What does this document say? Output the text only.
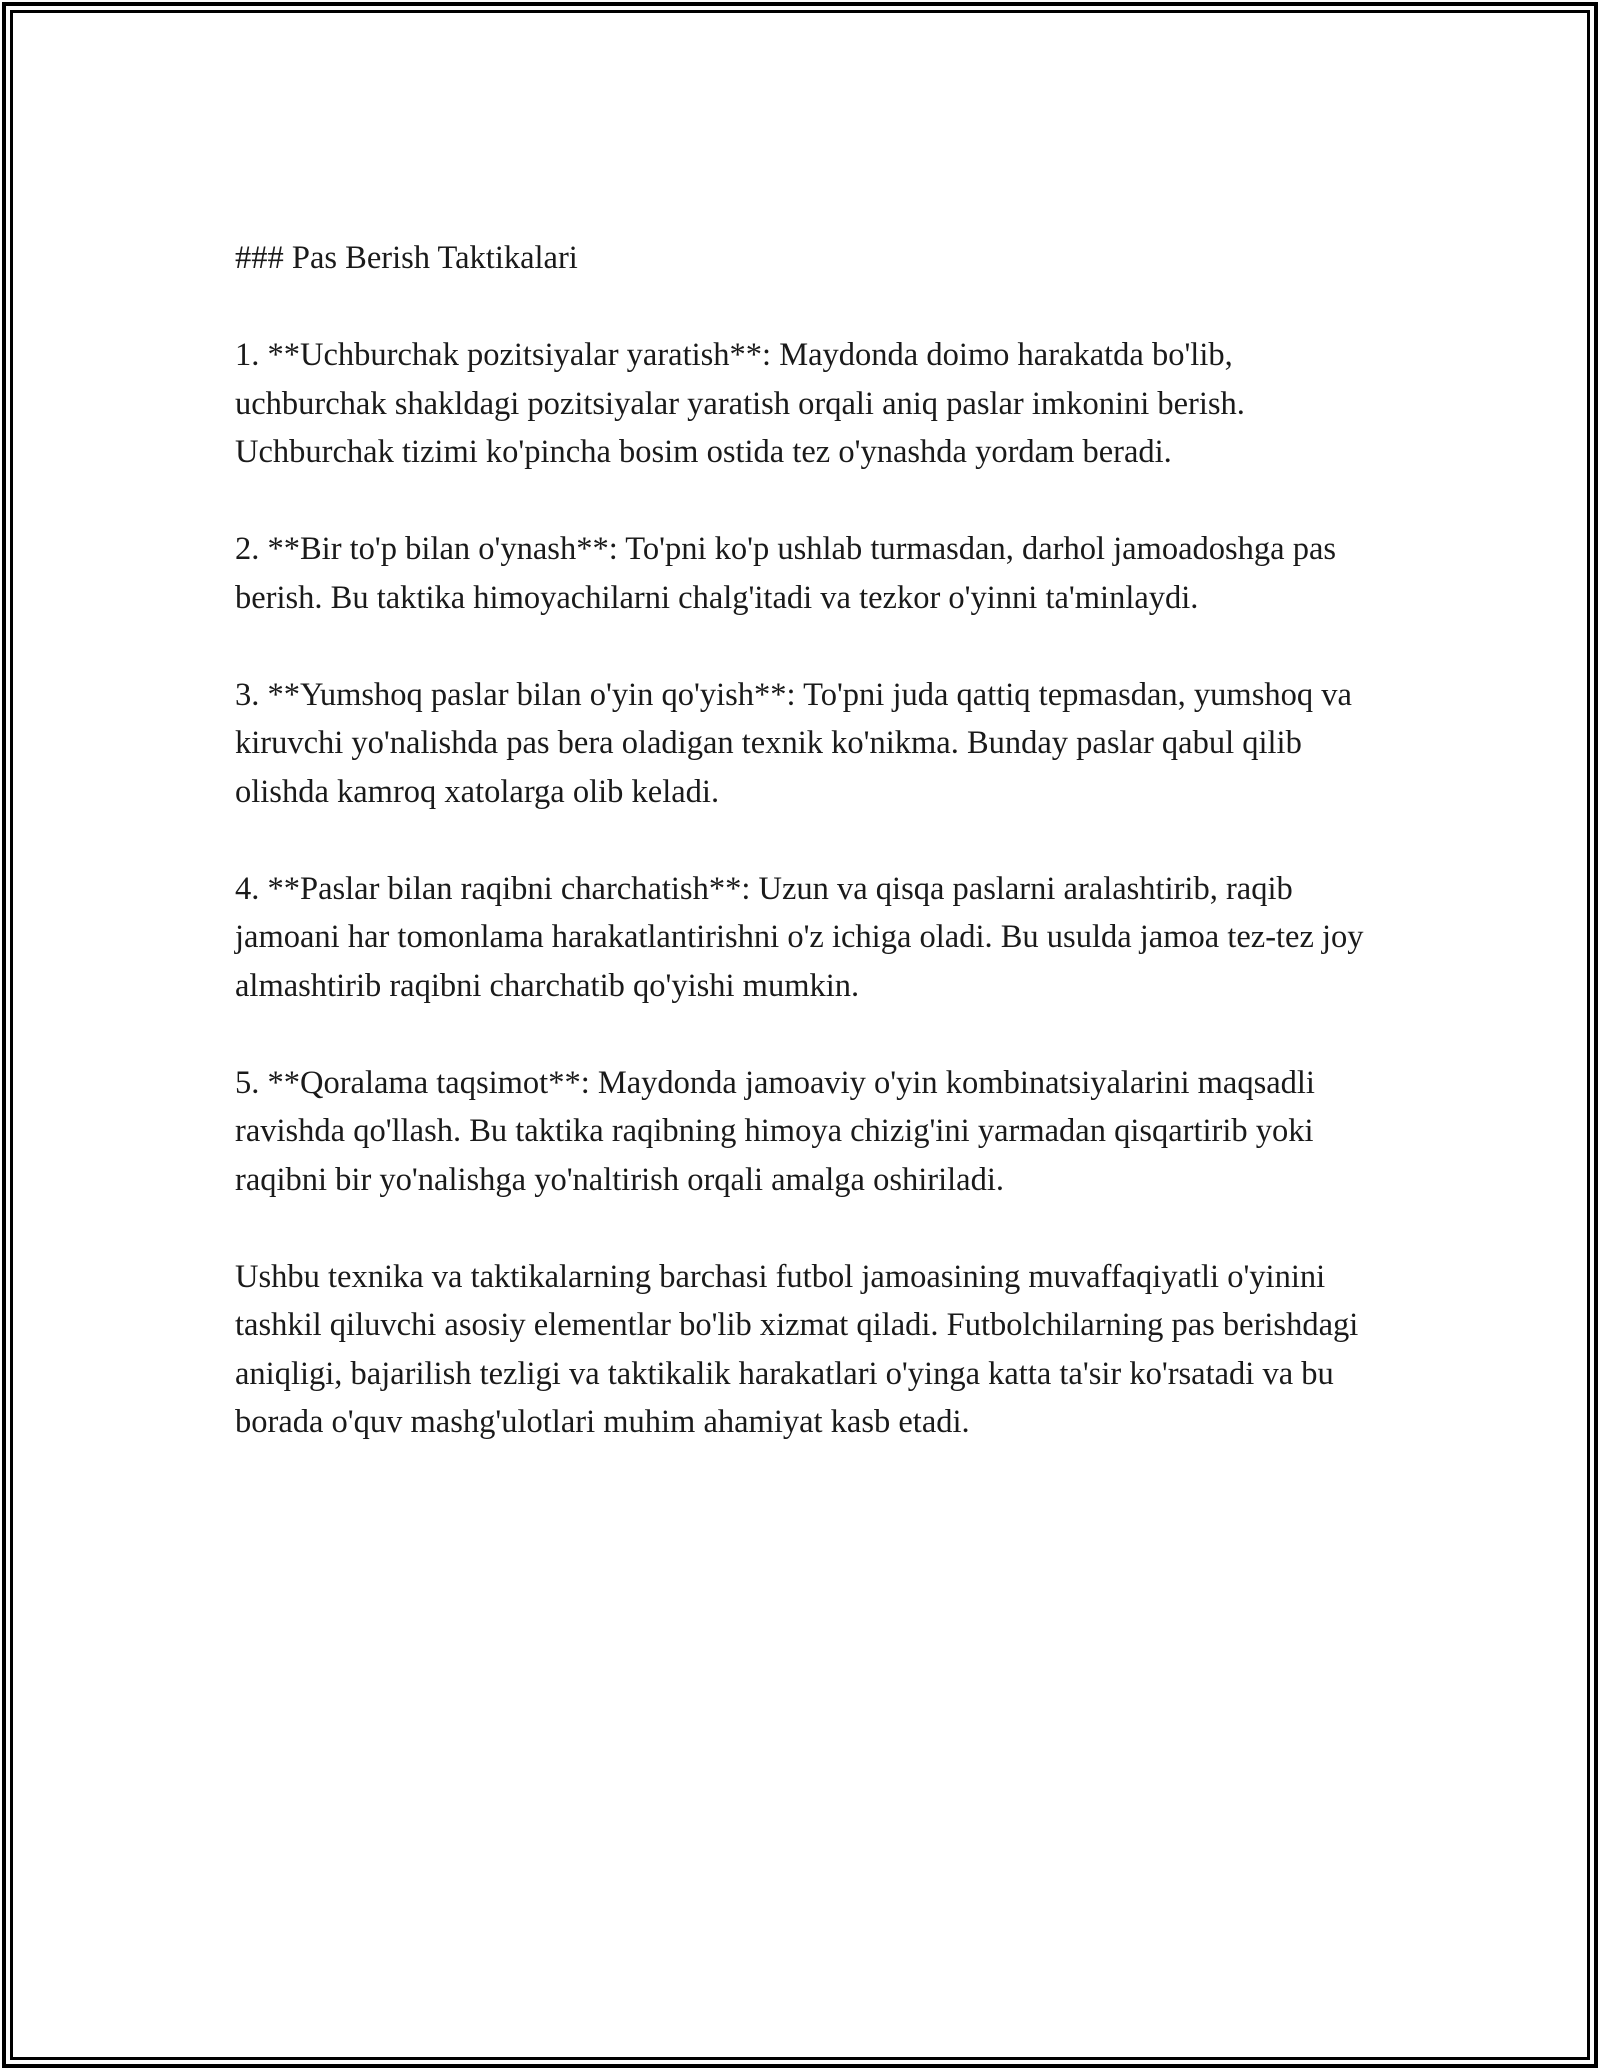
### Pas Berish Taktikalari

1. **Uchburchak pozitsiyalar yaratish**: Maydonda doimo harakatda bo'lib, uchburchak shakldagi pozitsiyalar yaratish orqali aniq paslar imkonini berish. Uchburchak tizimi ko'pincha bosim ostida tez o'ynashda yordam beradi.

2. **Bir to'p bilan o'ynash**: To'pni ko'p ushlab turmasdan, darhol jamoadoshga pas berish. Bu taktika himoyachilarni chalg'itadi va tezkor o'yinni ta'minlaydi.

3. **Yumshoq paslar bilan o'yin qo'yish**: To'pni juda qattiq tepmasdan, yumshoq va kiruvchi yo'nalishda pas bera oladigan texnik ko'nikma. Bunday paslar qabul qilib olishda kamroq xatolarga olib keladi.

4. **Paslar bilan raqibni charchatish**: Uzun va qisqa paslarni aralashtirib, raqib jamoani har tomonlama harakatlantirishni o'z ichiga oladi. Bu usulda jamoa tez-tez joy almashtirib raqibni charchatib qo'yishi mumkin.

5. **Qoralama taqsimot**: Maydonda jamoaviy o'yin kombinatsiyalarini maqsadli ravishda qo'llash. Bu taktika raqibning himoya chizig'ini yarmadan qisqartirib yoki raqibni bir yo'nalishga yo'naltirish orqali amalga oshiriladi.

Ushbu texnika va taktikalarning barchasi futbol jamoasining muvaffaqiyatli o'yinini tashkil qiluvchi asosiy elementlar bo'lib xizmat qiladi. Futbolchilarning pas berishdagi aniqligi, bajarilish tezligi va taktikalik harakatlari o'yinga katta ta'sir ko'rsatadi va bu borada o'quv mashg'ulotlari muhim ahamiyat kasb etadi.
